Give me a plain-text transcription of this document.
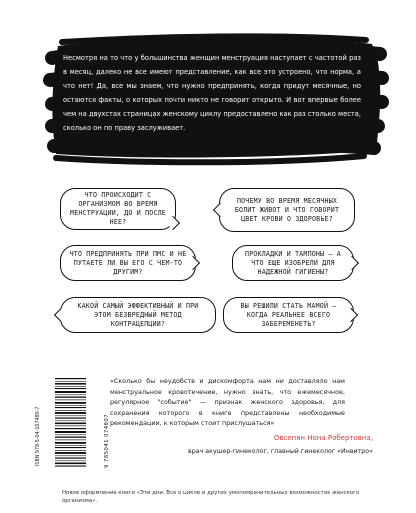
Несмотря на то что у большинства женщин менструация наступает с частотой раз в месяц, далеко не все имеют представление, как все это устроено, что норма, а что нет! Да, все мы знаем, что нужно предпринять, когда придут месячные, но остаются факты, о которых почти никто не говорит открыто. И вот впервые более чем на двухстах страницах женскому циклу предоставлено как раз столько места, сколько он по праву заслуживает.
ЧТО ПРОИСХОДИТ С ОРГАНИЗМОМ ВО ВРЕМЯ МЕНСТРУАЦИИ, ДО И ПОСЛЕ НЕЕ?
ПОЧЕМУ ВО ВРЕМЯ МЕСЯЧНЫХ БОЛИТ ЖИВОТ И ЧТО ГОВОРИТ ЦВЕТ КРОВИ О ЗДОРОВЬЕ?
ЧТО ПРЕДПРИНЯТЬ ПРИ ПМС И НЕ ПУТАЕТЕ ЛИ ВЫ ЕГО С ЧЕМ-ТО ДРУГИМ?
ПРОКЛАДКИ И ТАМПОНЫ — А ЧТО ЕЩЕ ИЗОБРЕЛИ ДЛЯ НАДЕЖНОЙ ГИГИЕНЫ?
КАКОЙ САМЫЙ ЭФФЕКТИВНЫЙ И ПРИ ЭТОМ БЕЗВРЕДНЫЙ МЕТОД КОНТРАЦЕПЦИИ?
ВЫ РЕШИЛИ СТАТЬ МАМОЙ — КОГДА РЕАЛЬНЕЕ ВСЕГО ЗАБЕРЕМЕНЕТЬ?
ISBN 978-5-04-107480-7	9 785041 074807
«Сколько бы неудобств и дискомфорта нам ни доставляло нам менструальное кровотечение, нужно знать, что ежемесячное, регулярное "событие" — признак женского здоровья, для сохранения которого в книге представлены необходимые рекомендации, к которым стоит прислушаться»
Овсепян Нона Робертовна,
врач акушер-гинеколог, главный гинеколог «Инвитро»
Новое оформление книги «Эти дни. Все о цикле и других умопомрачительных возможностях женского организма».
